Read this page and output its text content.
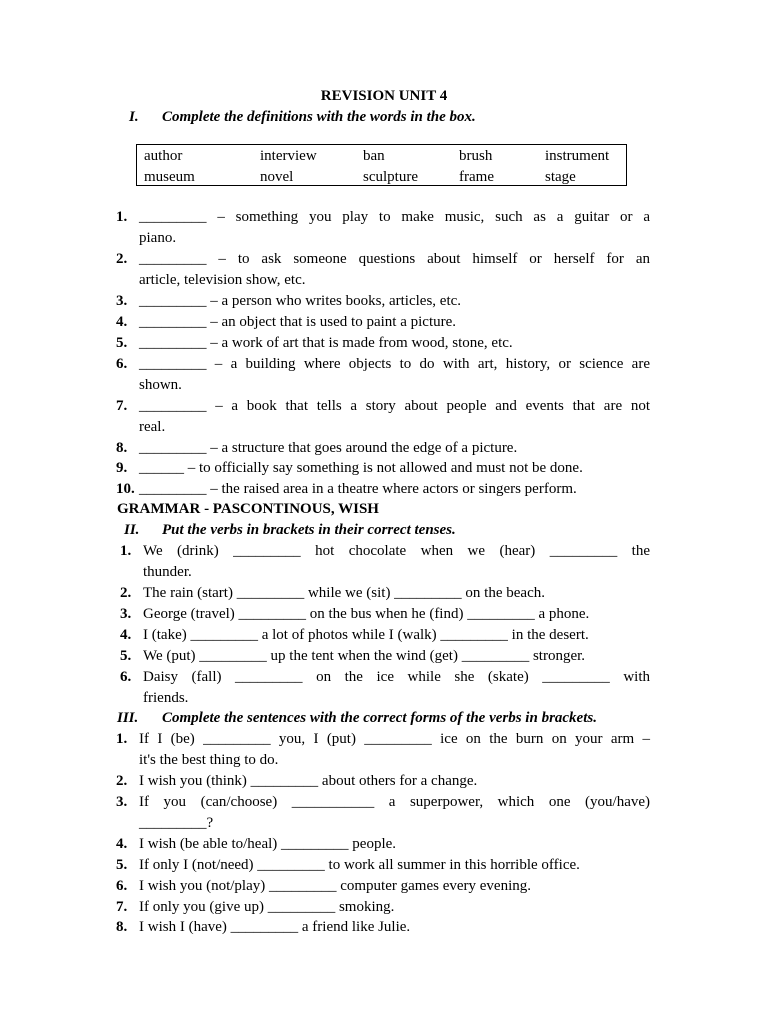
REVISION UNIT 4
I. Complete the definitions with the words in the box.
author	interview	ban	brush	instrument
museum	novel	sculpture	frame	stage
1. _________ – something you play to make music, such as a guitar or a
piano.
2. _________ – to ask someone questions about himself or herself for an
article, television show, etc.
3. _________ – a person who writes books, articles, etc.
4. _________ – an object that is used to paint a picture.
5. _________ – a work of art that is made from wood, stone, etc.
6. _________ – a building where objects to do with art, history, or science are
shown.
7. _________ – a book that tells a story about people and events that are not
real.
8. _________ – a structure that goes around the edge of a picture.
9. ______ – to officially say something is not allowed and must not be done.
10. _________ – the raised area in a theatre where actors or singers perform.
GRAMMAR - PASCONTINOUS, WISH
II. Put the verbs in brackets in their correct tenses.
1. We (drink) _________ hot chocolate when we (hear) _________ the
thunder.
2. The rain (start) _________ while we (sit) _________ on the beach.
3. George (travel) _________ on the bus when he (find) _________ a phone.
4. I (take) _________ a lot of photos while I (walk) _________ in the desert.
5. We (put) _________ up the tent when the wind (get) _________ stronger.
6. Daisy (fall) _________ on the ice while she (skate) _________ with
friends.
III. Complete the sentences with the correct forms of the verbs in brackets.
1. If I (be) _________ you, I (put) _________ ice on the burn on your arm –
it's the best thing to do.
2. I wish you (think) _________ about others for a change.
3. If you (can/choose) ___________ a superpower, which one (you/have)
_________?
4. I wish (be able to/heal) _________ people.
5. If only I (not/need) _________ to work all summer in this horrible office.
6. I wish you (not/play) _________ computer games every evening.
7. If only you (give up) _________ smoking.
8. I wish I (have) _________ a friend like Julie.
